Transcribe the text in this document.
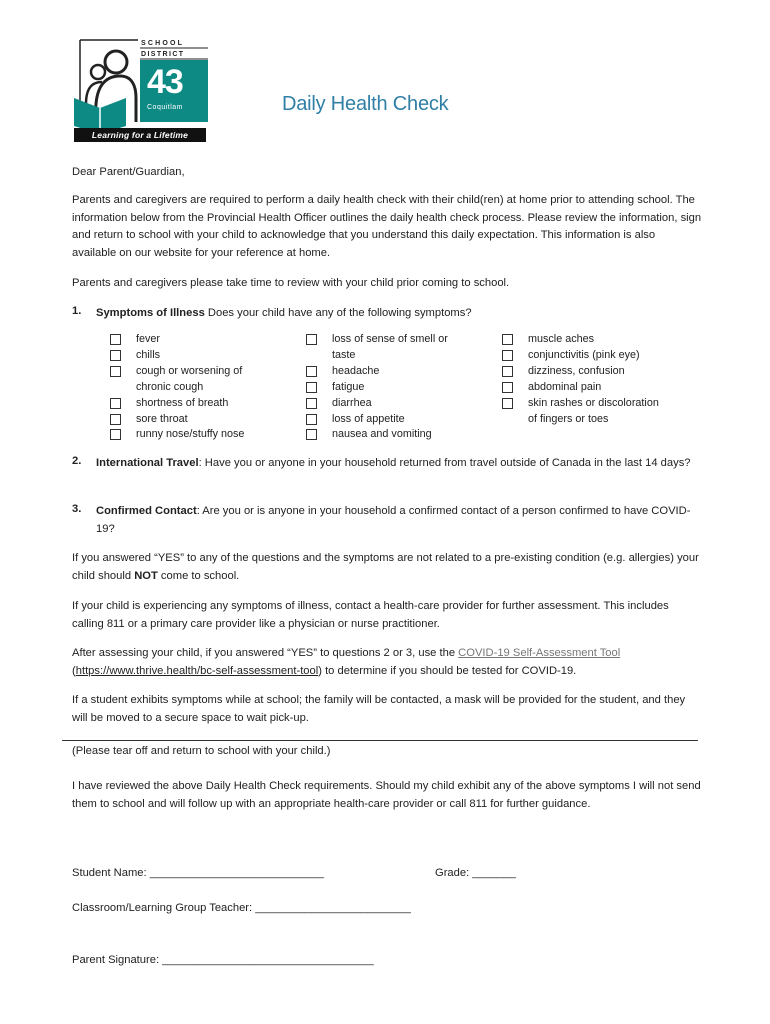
SCHOOL
DISTRICT
43
Coquitlam
Learning for a Lifetime
Daily Health Check

Dear Parent/Guardian,

Parents and caregivers are required to perform a daily health check with their child(ren) at home prior to attending school. The information below from the Provincial Health Officer outlines the daily health check process. Please review the information, sign and return to school with your child to acknowledge that you understand this daily expectation. This information is also available on our website for your reference at home.

Parents and caregivers please take time to review with your child prior coming to school.

1. Symptoms of Illness Does your child have any of the following symptoms?

fever
chills
cough or worsening of
chronic cough
shortness of breath
sore throat
runny nose/stuffy nose
loss of sense of smell or
taste
headache
fatigue
diarrhea
loss of appetite
nausea and vomiting
muscle aches
conjunctivitis (pink eye)
dizziness, confusion
abdominal pain
skin rashes or discoloration
of fingers or toes
2. International Travel: Have you or anyone in your household returned from travel outside of Canada in the last 14 days?

3. Confirmed Contact: Are you or is anyone in your household a confirmed contact of a person confirmed to have COVID-19?

If you answered “YES” to any of the questions and the symptoms are not related to a pre-existing condition (e.g. allergies) your child should NOT come to school.

If your child is experiencing any symptoms of illness, contact a health-care provider for further assessment. This includes calling 811 or a primary care provider like a physician or nurse practitioner.

After assessing your child, if you answered “YES” to questions 2 or 3, use the COVID-19 Self-Assessment Tool (https://www.thrive.health/bc-self-assessment-tool) to determine if you should be tested for COVID-19.

If a student exhibits symptoms while at school; the family will be contacted, a mask will be provided for the student, and they will be moved to a secure space to wait pick-up.

(Please tear off and return to school with your child.)

I have reviewed the above Daily Health Check requirements. Should my child exhibit any of the above symptoms I will not send them to school and will follow up with an appropriate health-care provider or call 811 for further guidance.

Student Name: ____________________________	Grade: _______

Classroom/Learning Group Teacher: _________________________

Parent Signature: __________________________________
